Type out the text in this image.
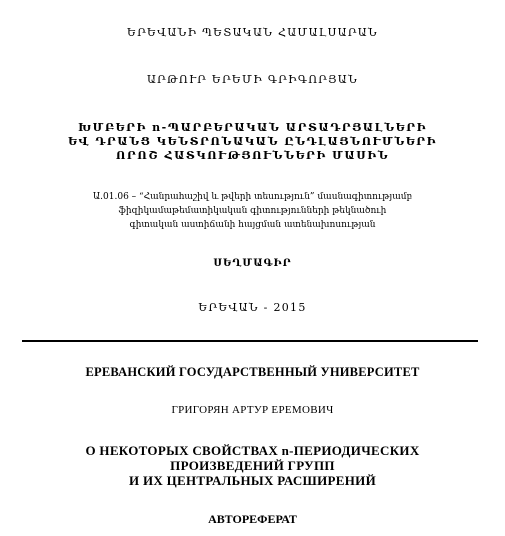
ԵՐԵՎԱՆԻ ՊԵՏԱԿԱՆ ՀԱՄԱԼՍԱՐԱՆ
ԱՐԹՈՒՐ ԵՐԵՄԻ ԳՐԻԳՈՐՅԱՆ
ԽՄԲԵՐԻ n-ՊԱՐԲԵՐԱԿԱՆ ԱՐՏԱԴՐՅԱԼՆԵՐԻ
ԵՎ ԴՐԱՆՑ ԿԵՆՏՐՈՆԱԿԱՆ ԸՆԴԼԱՅՆՈՒՄՆԵՐԻ
ՈՐՈՇ ՀԱՏԿՈՒԹՅՈՒՆՆԵՐԻ ՄԱՍԻՆ
Ա.01.06 – “Հանրահաշիվ և թվերի տեսություն” մասնագիտությամբ
ֆիզիկամաթեմատիկական գիտությունների թեկնածուի
գիտական աստիճանի հայցման ատենախոսության
ՍԵՂՄԱԳԻՐ
ԵՐԵՎԱՆ - 2015
ЕРЕВАНСКИЙ ГОСУДАРСТВЕННЫЙ УНИВЕРСИТЕТ
ГРИГОРЯН АРТУР ЕРЕМОВИЧ
О НЕКОТОРЫХ СВОЙСТВАХ n-ПЕРИОДИЧЕСКИХ
ПРОИЗВЕДЕНИЙ ГРУПП
И ИХ ЦЕНТРАЛЬНЫХ РАСШИРЕНИЙ
АВТОРЕФЕРАТ
